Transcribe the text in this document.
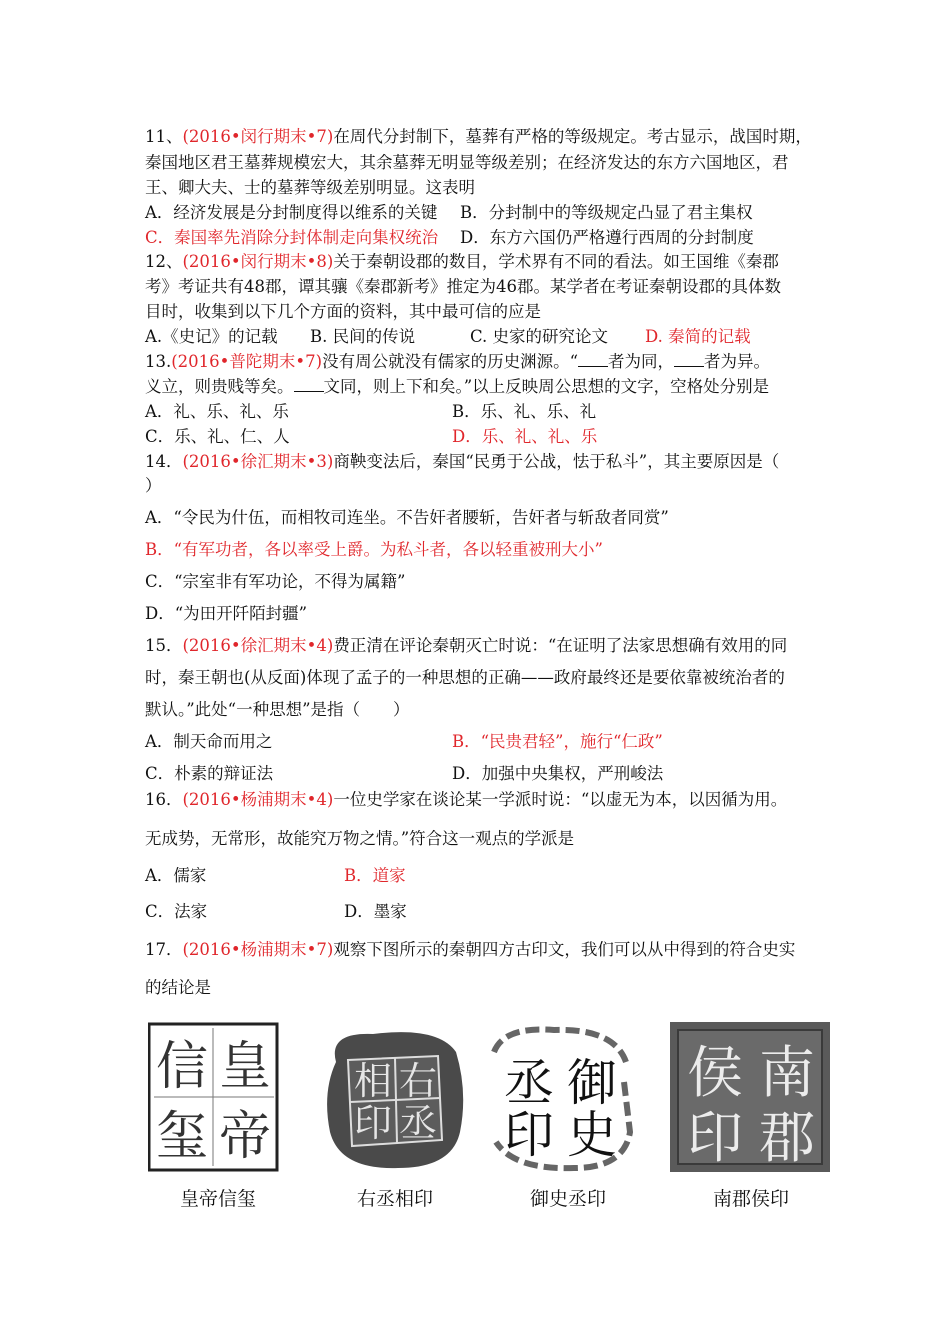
11、(2016•闵行期末•7)在周代分封制下，墓葬有严格的等级规定。考古显示，战国时期，
秦国地区君王墓葬规模宏大，其余墓葬无明显等级差别；在经济发达的东方六国地区，君
王、卿大夫、士的墓葬等级差别明显。这表明
A．经济发展是分封制度得以维系的关键 B．分封制中的等级规定凸显了君主集权
C．秦国率先消除分封体制走向集权统治 D．东方六国仍严格遵行西周的分封制度
12、(2016•闵行期末•8)关于秦朝设郡的数目，学术界有不同的看法。如王国维《秦郡
考》考证共有48郡，谭其骧《秦郡新考》推定为46郡。某学者在考证秦朝设郡的具体数
目时，收集到以下几个方面的资料，其中最可信的应是
A.《史记》的记载 B. 民间的传说	C. 史家的研究论文 D. 秦简的记载
13.(2016•普陀期末•7)没有周公就没有儒家的历史渊源。“ 者为同， 者为异。
义立，则贵贱等矣。 文同，则上下和矣。”以上反映周公思想的文字，空格处分别是
A．礼、乐、礼、乐	B．乐、礼、乐、礼
C．乐、礼、仁、人	D．乐、礼、礼、乐
14．(2016•徐汇期末•3)商鞅变法后，秦国“民勇于公战，怯于私斗”，其主要原因是（
）
A．“令民为什伍，而相牧司连坐。不告奸者腰斩，告奸者与斩敌者同赏”
B．“有军功者，各以率受上爵。为私斗者，各以轻重被刑大小”
C．“宗室非有军功论，不得为属籍”
D．“为田开阡陌封疆”
15．(2016•徐汇期末•4)费正清在评论秦朝灭亡时说：“在证明了法家思想确有效用的同
时，秦王朝也(从反面)体现了孟子的一种思想的正确——政府最终还是要依靠被统治者的
默认。”此处“一种思想”是指（　　）
A．制天命而用之	B．“民贵君轻”，施行“仁政”
C．朴素的辩证法	D．加强中央集权，严刑峻法
16．(2016•杨浦期末•4)一位史学家在谈论某一学派时说：“以虚无为本，以因循为用。
无成势，无常形，故能究万物之情。”符合这一观点的学派是
A．儒家	B．道家
C．法家	D．墨家
17．(2016•杨浦期末•7)观察下图所示的秦朝四方古印文，我们可以从中得到的符合史实
的结论是
皇
帝
信
玺
右
丞
相
印
御
史
丞
印
南
郡
侯
印
皇帝信玺	右丞相印	御史丞印	南郡侯印
